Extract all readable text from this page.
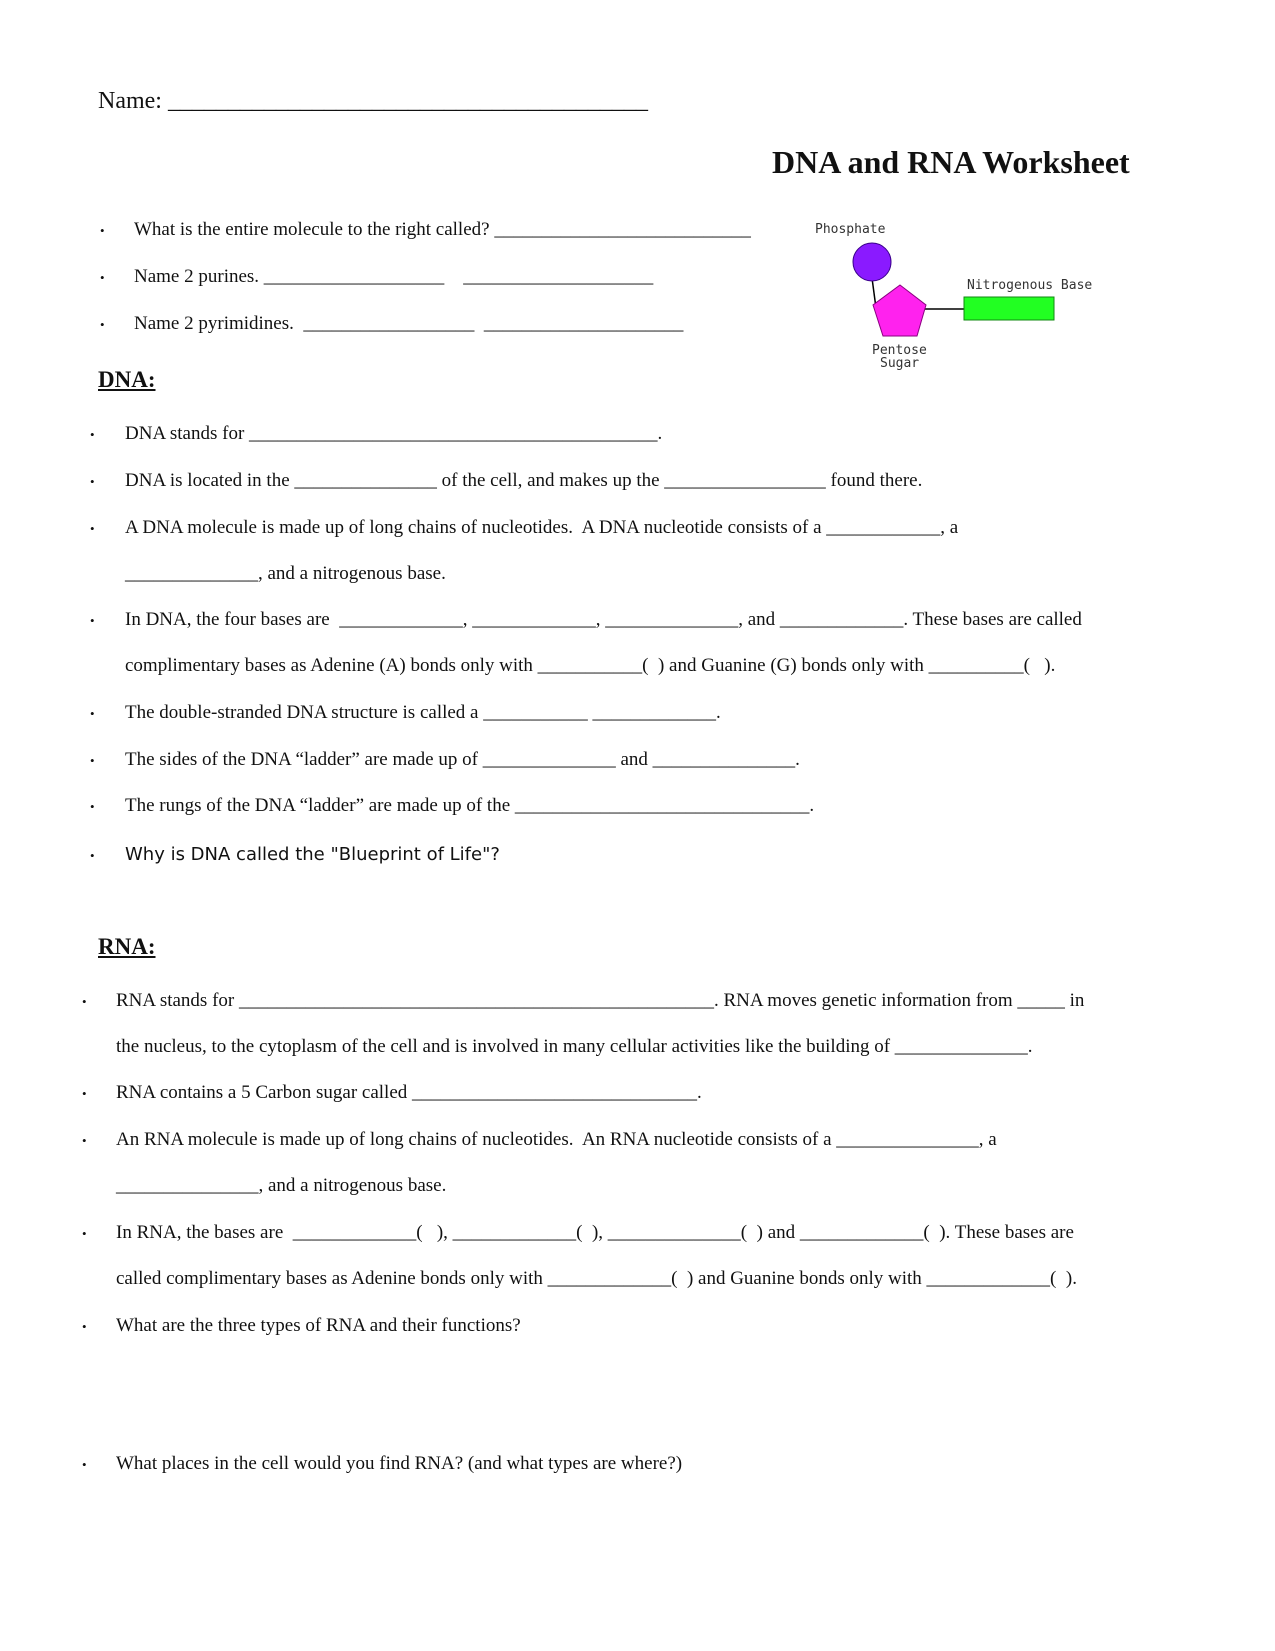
Name: ________________________________________
DNA and RNA Worksheet
• What is the entire molecule to the right called? ___________________________
• Name 2 purines. ___________________    ____________________
• Name 2 pyrimidines.  __________________  _____________________
Phosphate
Nitrogenous Base
Pentose
Sugar
DNA:
• DNA stands for ___________________________________________.
• DNA is located in the _______________ of the cell, and makes up the _________________ found there.
• A DNA molecule is made up of long chains of nucleotides.  A DNA nucleotide consists of a ____________, a
______________, and a nitrogenous base.
• In DNA, the four bases are  _____________, _____________, ______________, and _____________. These bases are called
complimentary bases as Adenine (A) bonds only with ___________(  ) and Guanine (G) bonds only with __________(   ).
• The double-stranded DNA structure is called a ___________ _____________.
• The sides of the DNA “ladder” are made up of ______________ and _______________.
• The rungs of the DNA “ladder” are made up of the _______________________________.
• Why is DNA called the "Blueprint of Life"?
RNA:
• RNA stands for __________________________________________________. RNA moves genetic information from _____ in
the nucleus, to the cytoplasm of the cell and is involved in many cellular activities like the building of ______________.
• RNA contains a 5 Carbon sugar called ______________________________.
• An RNA molecule is made up of long chains of nucleotides.  An RNA nucleotide consists of a _______________, a
_______________, and a nitrogenous base.
• In RNA, the bases are  _____________(   ), _____________(  ), ______________(  ) and _____________(  ). These bases are
called complimentary bases as Adenine bonds only with _____________(  ) and Guanine bonds only with _____________(  ).
• What are the three types of RNA and their functions?
• What places in the cell would you find RNA? (and what types are where?)
